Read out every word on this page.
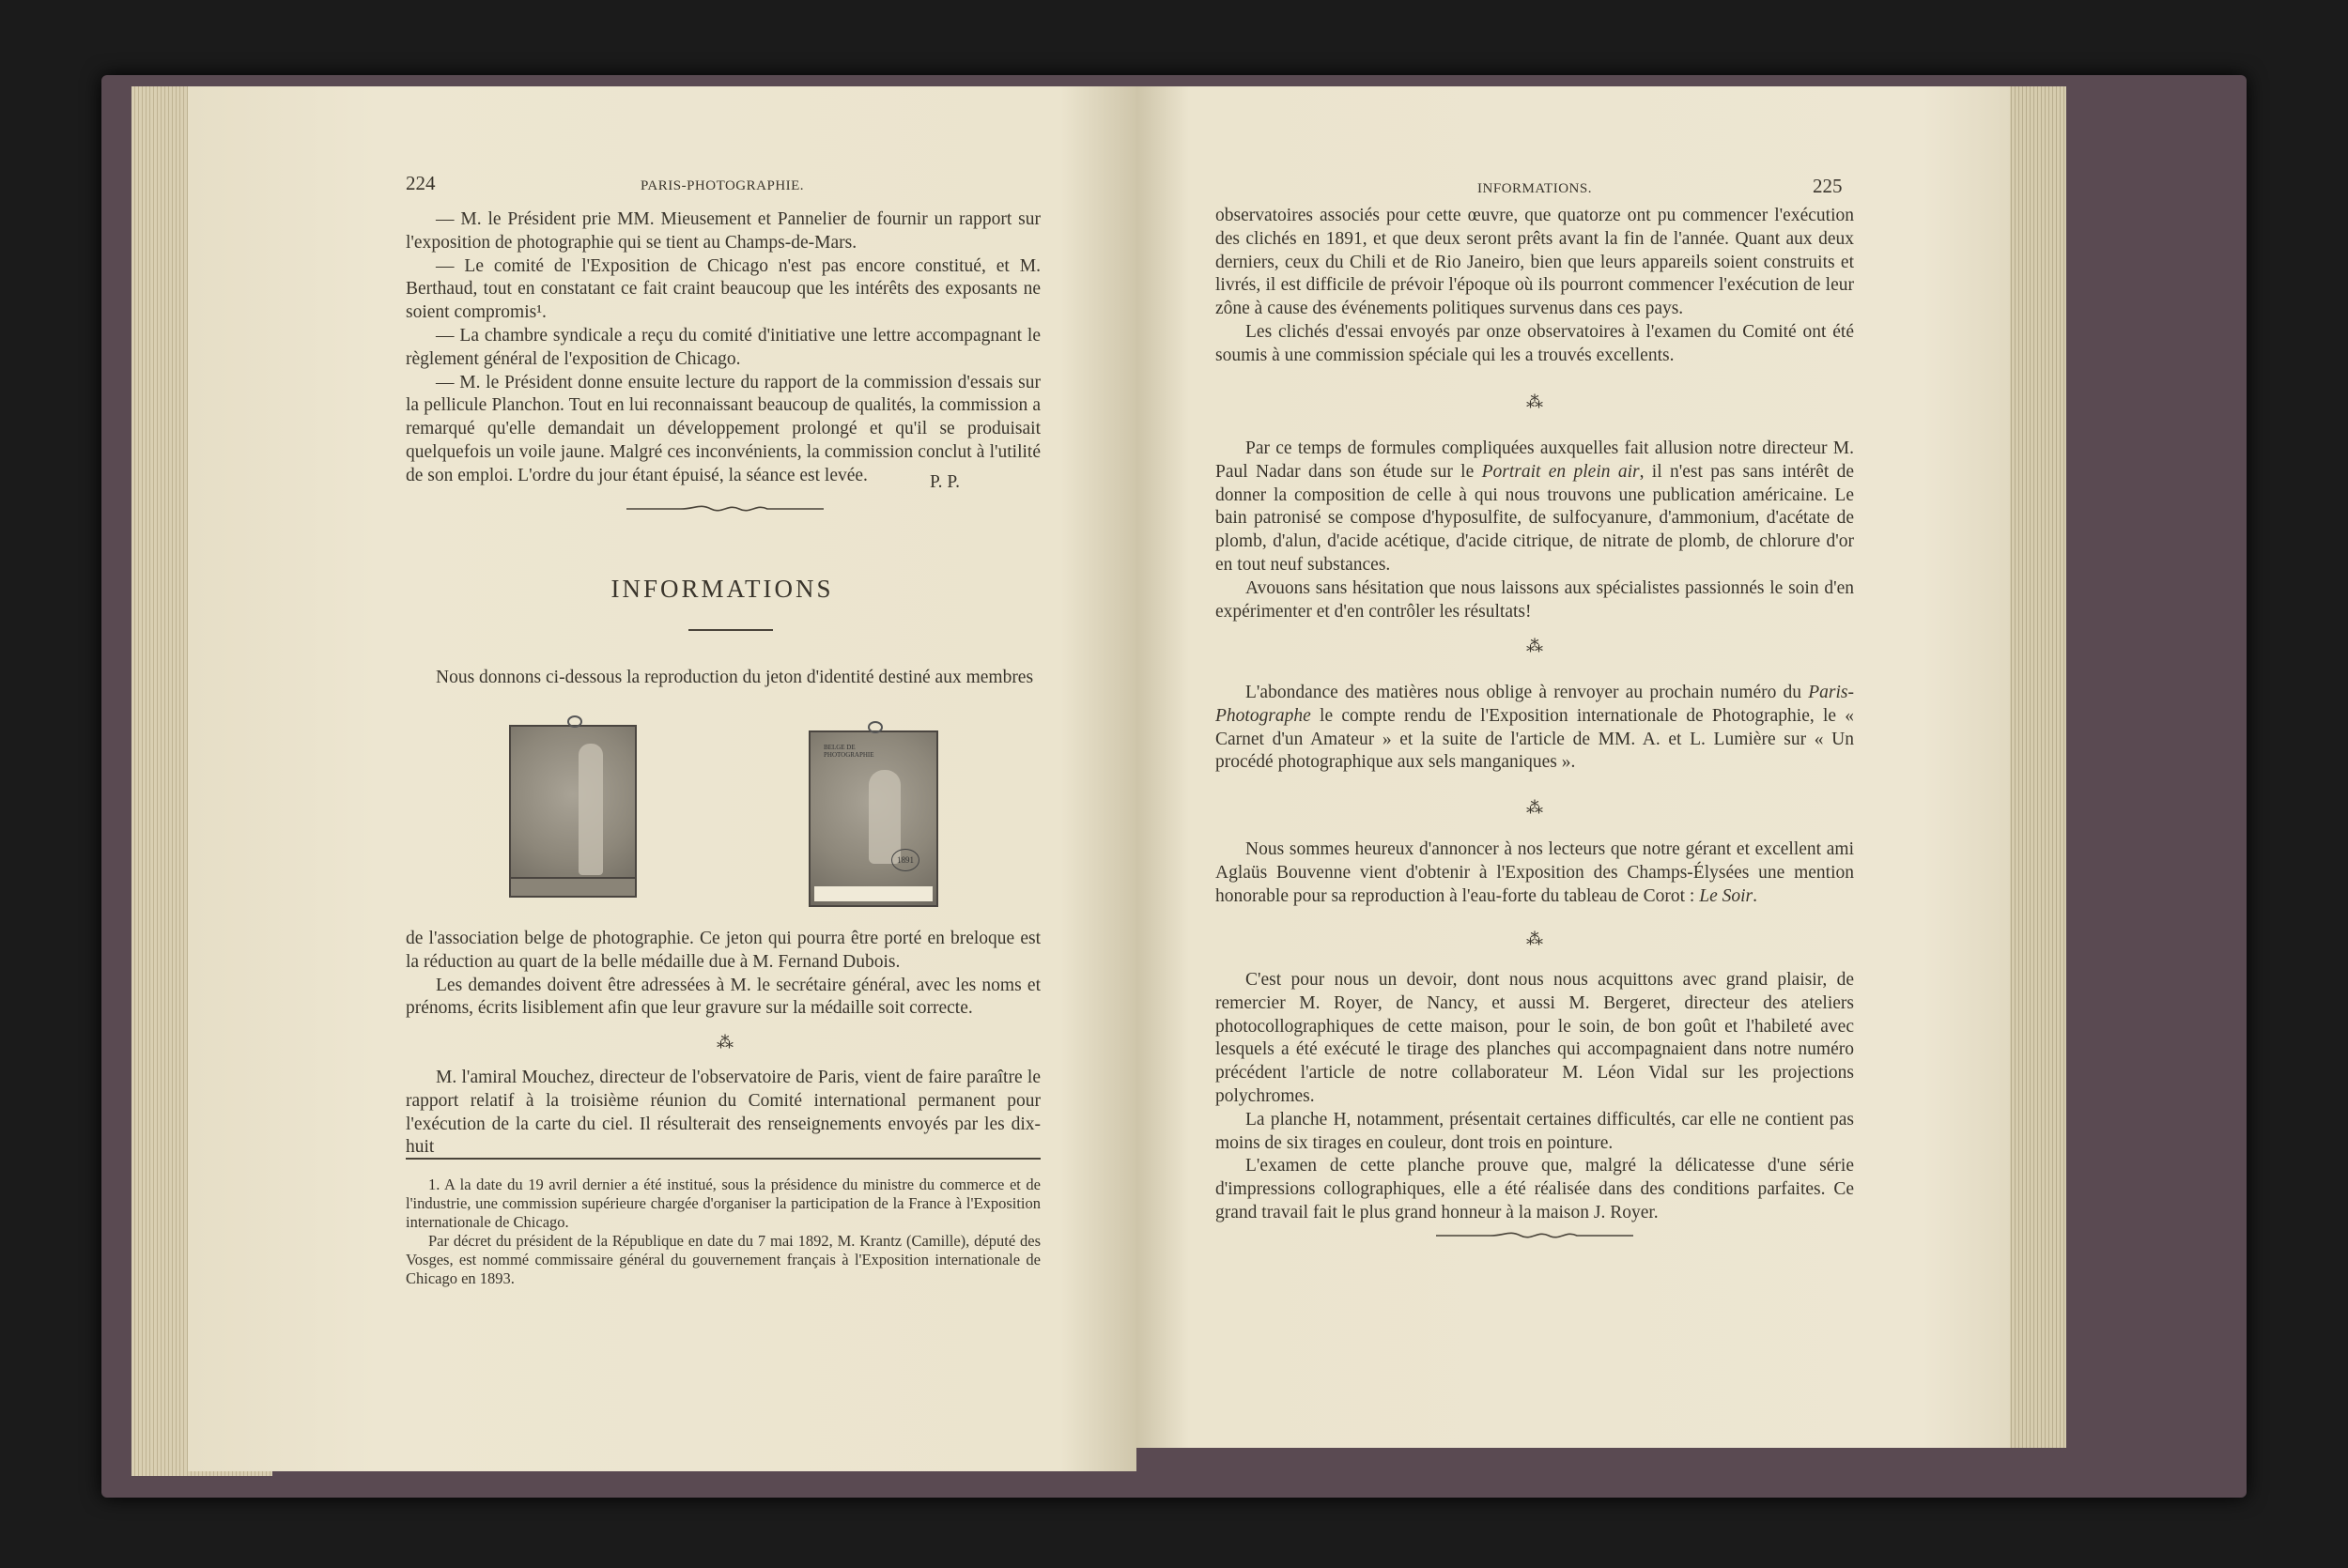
224	PARIS-PHOTOGRAPHIE.

— M. le Président prie MM. Mieusement et Pannelier de fournir un rapport sur l'exposition de photographie qui se tient au Champs-de-Mars.

— Le comité de l'Exposition de Chicago n'est pas encore constitué, et M. Berthaud, tout en constatant ce fait craint beaucoup que les intérêts des exposants ne soient compromis¹.

— La chambre syndicale a reçu du comité d'initiative une lettre accompagnant le règlement général de l'exposition de Chicago.

— M. le Président donne ensuite lecture du rapport de la commission d'essais sur la pellicule Planchon. Tout en lui reconnaissant beaucoup de qualités, la commission a remarqué qu'elle demandait un développement prolongé et qu'il se produisait quelquefois un voile jaune. Malgré ces inconvénients, la commission conclut à l'utilité de son emploi. L'ordre du jour étant épuisé, la séance est levée.	P. P.
INFORMATIONS

Nous donnons ci-dessous la reproduction du jeton d'identité destiné aux membres

BELGE DE PHOTOGRAPHIE
1891

de l'association belge de photographie. Ce jeton qui pourra être porté en breloque est la réduction au quart de la belle médaille due à M. Fernand Dubois.

Les demandes doivent être adressées à M. le secrétaire général, avec les noms et prénoms, écrits lisiblement afin que leur gravure sur la médaille soit correcte.

⁂

M. l'amiral Mouchez, directeur de l'observatoire de Paris, vient de faire paraître le rapport relatif à la troisième réunion du Comité international permanent pour l'exécution de la carte du ciel. Il résulterait des renseignements envoyés par les dix-huit

1. A la date du 19 avril dernier a été institué, sous la présidence du ministre du commerce et de l'industrie, une commission supérieure chargée d'organiser la participation de la France à l'Exposition internationale de Chicago.

Par décret du président de la République en date du 7 mai 1892, M. Krantz (Camille), député des Vosges, est nommé commissaire général du gouvernement français à l'Exposition internationale de Chicago en 1893.

INFORMATIONS.	225

observatoires associés pour cette œuvre, que quatorze ont pu commencer l'exécution des clichés en 1891, et que deux seront prêts avant la fin de l'année. Quant aux deux derniers, ceux du Chili et de Rio Janeiro, bien que leurs appareils soient construits et livrés, il est difficile de prévoir l'époque où ils pourront commencer l'exécution de leur zône à cause des événements politiques survenus dans ces pays.

Les clichés d'essai envoyés par onze observatoires à l'examen du Comité ont été soumis à une commission spéciale qui les a trouvés excellents.

⁂

Par ce temps de formules compliquées auxquelles fait allusion notre directeur M. Paul Nadar dans son étude sur le Portrait en plein air, il n'est pas sans intérêt de donner la composition de celle à qui nous trouvons une publication américaine. Le bain patronisé se compose d'hyposulfite, de sulfocyanure, d'ammonium, d'acétate de plomb, d'alun, d'acide acétique, d'acide citrique, de nitrate de plomb, de chlorure d'or en tout neuf substances.

Avouons sans hésitation que nous laissons aux spécialistes passionnés le soin d'en expérimenter et d'en contrôler les résultats!

⁂

L'abondance des matières nous oblige à renvoyer au prochain numéro du Paris-Photographe le compte rendu de l'Exposition internationale de Photographie, le « Carnet d'un Amateur » et la suite de l'article de MM. A. et L. Lumière sur « Un procédé photographique aux sels manganiques ».

⁂

Nous sommes heureux d'annoncer à nos lecteurs que notre gérant et excellent ami Aglaüs Bouvenne vient d'obtenir à l'Exposition des Champs-Élysées une mention honorable pour sa reproduction à l'eau-forte du tableau de Corot : Le Soir.

⁂

C'est pour nous un devoir, dont nous nous acquittons avec grand plaisir, de remercier M. Royer, de Nancy, et aussi M. Bergeret, directeur des ateliers photocollographiques de cette maison, pour le soin, de bon goût et l'habileté avec lesquels a été exécuté le tirage des planches qui accompagnaient dans notre numéro précédent l'article de notre collaborateur M. Léon Vidal sur les projections polychromes.

La planche H, notamment, présentait certaines difficultés, car elle ne contient pas moins de six tirages en couleur, dont trois en pointure.

L'examen de cette planche prouve que, malgré la délicatesse d'une série d'impressions collographiques, elle a été réalisée dans des conditions parfaites. Ce grand travail fait le plus grand honneur à la maison J. Royer.
